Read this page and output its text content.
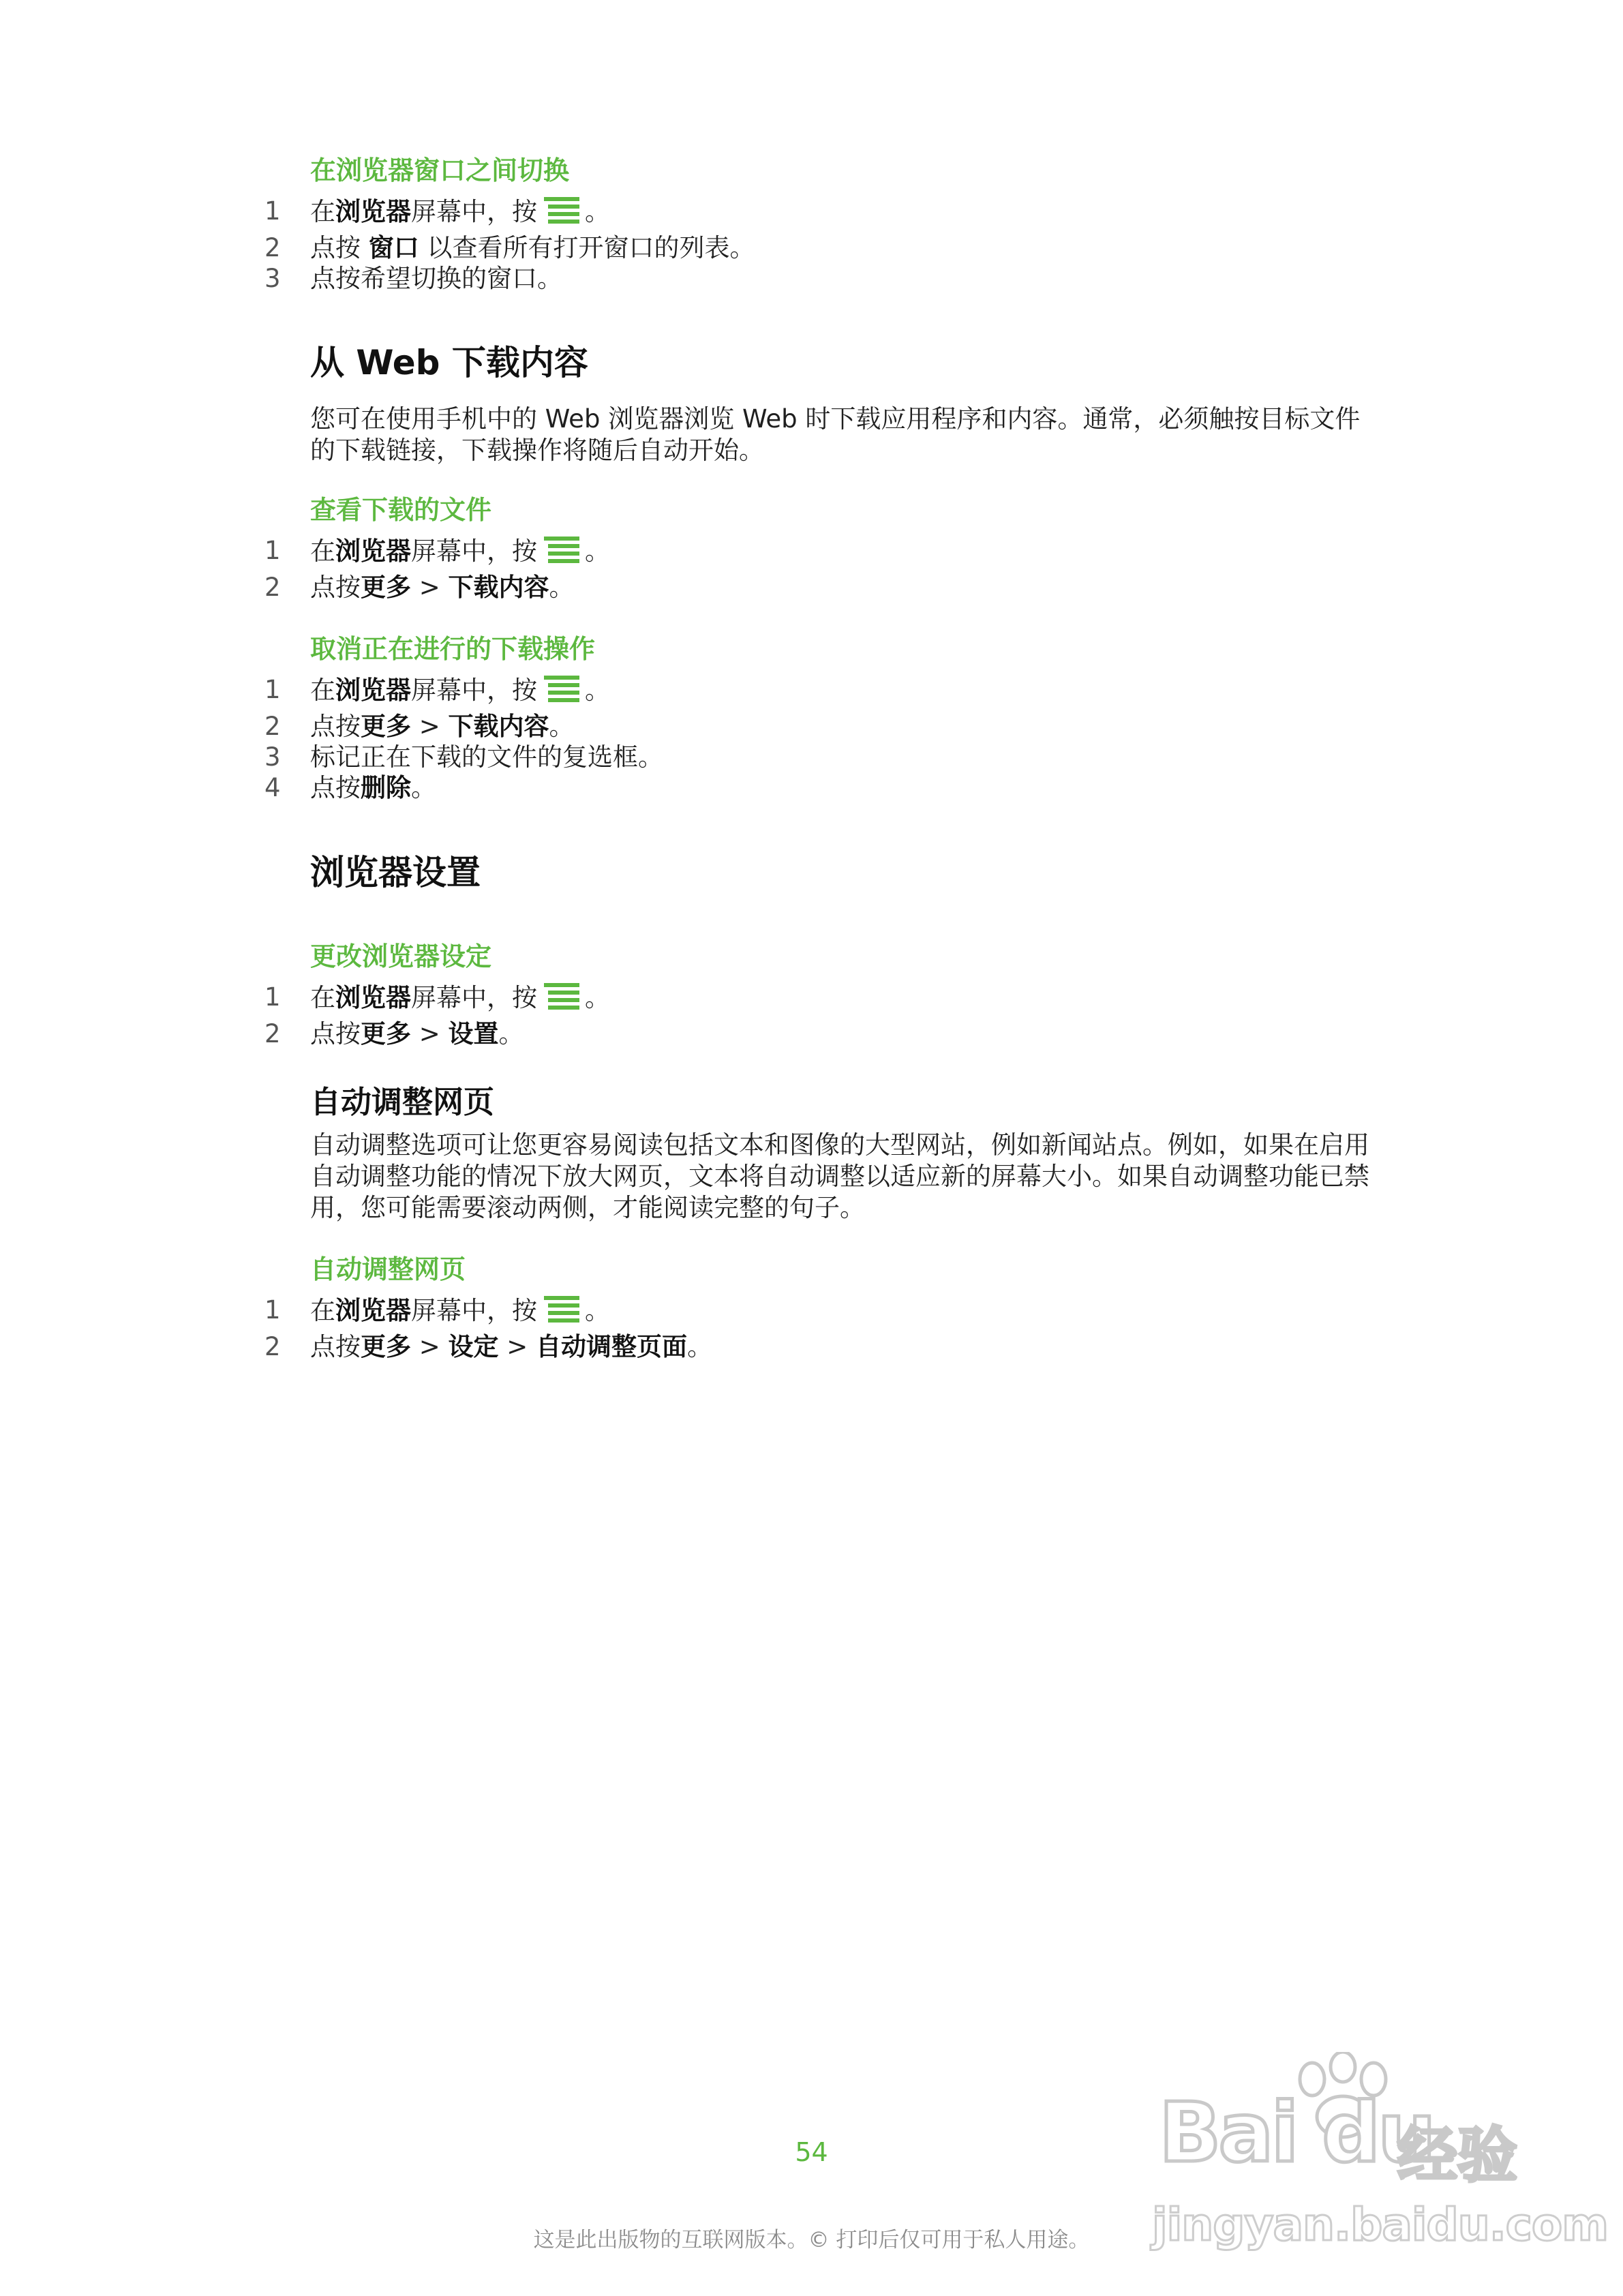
在浏览器窗口之间切换
1 在浏览器屏幕中，按 。
2 点按 窗口 以查看所有打开窗口的列表。
3 点按希望切换的窗口。
从 Web 下载内容

您可在使用手机中的 Web 浏览器浏览 Web 时下载应用程序和内容。通常，必须触按目标文件的下载链接，下载操作将随后自动开始。

查看下载的文件
1 在浏览器屏幕中，按 。
2 点按更多 > 下载内容。
取消正在进行的下载操作
1 在浏览器屏幕中，按 。
2 点按更多 > 下载内容。
3 标记正在下载的文件的复选框。
4 点按删除。
浏览器设置
更改浏览器设定
1 在浏览器屏幕中，按 。
2 点按更多 > 设置。
自动调整网页

自动调整选项可让您更容易阅读包括文本和图像的大型网站，例如新闻站点。例如，如果在启用自动调整功能的情况下放大网页，文本将自动调整以适应新的屏幕大小。如果自动调整功能已禁用，您可能需要滚动两侧，才能阅读完整的句子。

自动调整网页
1 在浏览器屏幕中，按 。
2 点按更多 > 设定 > 自动调整页面。
54
这是此出版物的互联网版本。© 打印后仅可用于私人用途。
Bai du
经验
jingyan.baidu.com
